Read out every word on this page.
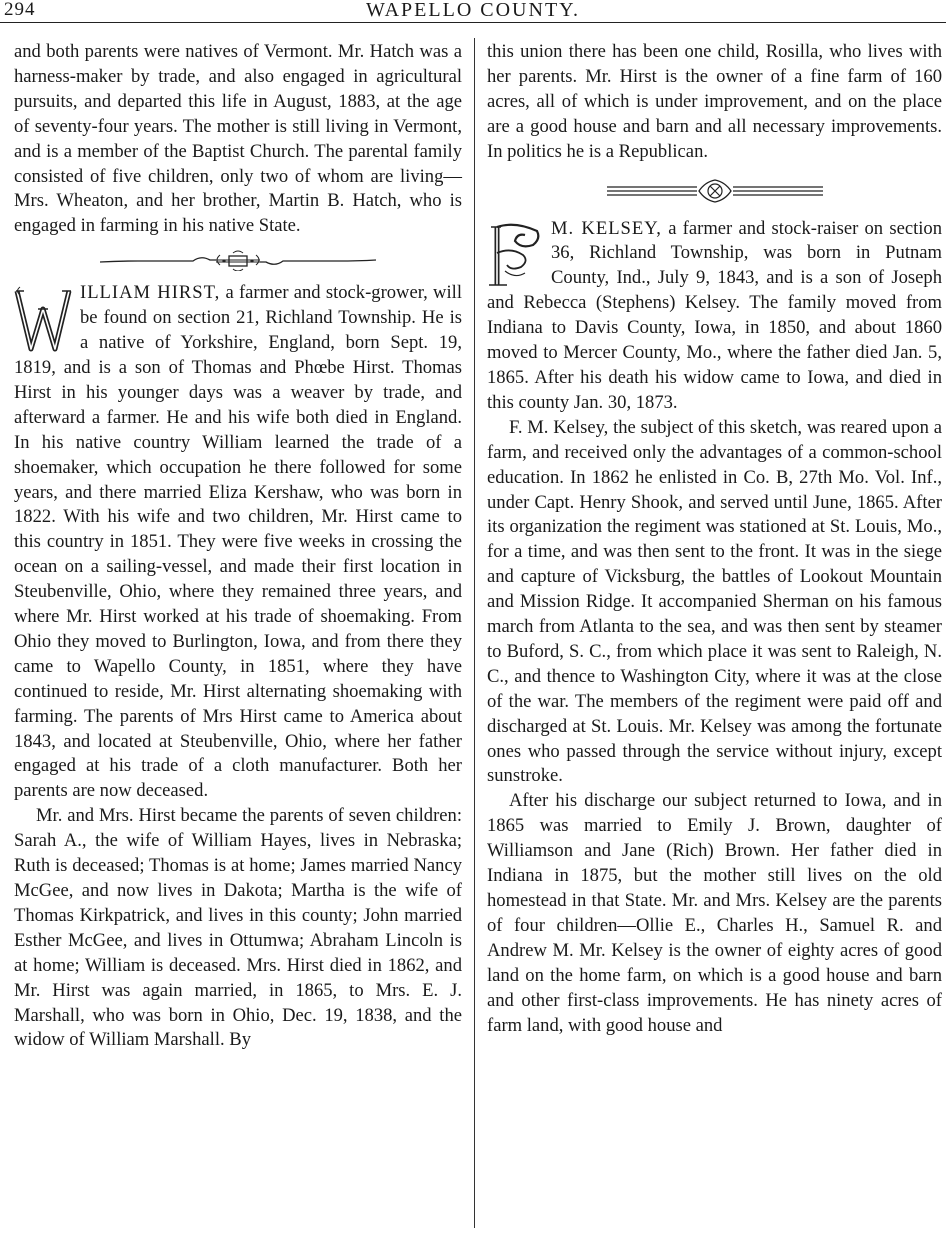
294	WAPELLO COUNTY.

and both parents were natives of Vermont. Mr. Hatch was a harness-maker by trade, and also engaged in agricultural pursuits, and departed this life in August, 1883, at the age of seventy-four years. The mother is still living in Vermont, and is a member of the Baptist Church. The parental family consisted of five children, only two of whom are living—Mrs. Wheaton, and her brother, Martin B. Hatch, who is engaged in farming in his native State.

ILLIAM HIRST, a farmer and stock-grower, will be found on section 21, Richland Township. He is a native of Yorkshire, England, born Sept. 19, 1819, and is a son of Thomas and Phœbe Hirst. Thomas Hirst in his younger days was a weaver by trade, and afterward a farmer. He and his wife both died in England. In his native country William learned the trade of a shoemaker, which occupation he there followed for some years, and there married Eliza Kershaw, who was born in 1822. With his wife and two children, Mr. Hirst came to this country in 1851. They were five weeks in crossing the ocean on a sailing-vessel, and made their first location in Steubenville, Ohio, where they remained three years, and where Mr. Hirst worked at his trade of shoemaking. From Ohio they moved to Burlington, Iowa, and from there they came to Wapello County, in 1851, where they have continued to reside, Mr. Hirst alternating shoemaking with farming. The parents of Mrs Hirst came to America about 1843, and located at Steubenville, Ohio, where her father engaged at his trade of a cloth manufacturer. Both her parents are now deceased.

Mr. and Mrs. Hirst became the parents of seven children: Sarah A., the wife of William Hayes, lives in Nebraska; Ruth is deceased; Thomas is at home; James married Nancy McGee, and now lives in Dakota; Martha is the wife of Thomas Kirkpatrick, and lives in this county; John married Esther McGee, and lives in Ottumwa; Abraham Lincoln is at home; William is deceased. Mrs. Hirst died in 1862, and Mr. Hirst was again married, in 1865, to Mrs. E. J. Marshall, who was born in Ohio, Dec. 19, 1838, and the widow of William Marshall. By

this union there has been one child, Rosilla, who lives with her parents. Mr. Hirst is the owner of a fine farm of 160 acres, all of which is under improvement, and on the place are a good house and barn and all necessary improvements. In politics he is a Republican.

M. KELSEY, a farmer and stock-raiser on section 36, Richland Township, was born in Putnam County, Ind., July 9, 1843, and is a son of Joseph and Rebecca (Stephens) Kelsey. The family moved from Indiana to Davis County, Iowa, in 1850, and about 1860 moved to Mercer County, Mo., where the father died Jan. 5, 1865. After his death his widow came to Iowa, and died in this county Jan. 30, 1873.

F. M. Kelsey, the subject of this sketch, was reared upon a farm, and received only the advantages of a common-school education. In 1862 he enlisted in Co. B, 27th Mo. Vol. Inf., under Capt. Henry Shook, and served until June, 1865. After its organization the regiment was stationed at St. Louis, Mo., for a time, and was then sent to the front. It was in the siege and capture of Vicksburg, the battles of Lookout Mountain and Mission Ridge. It accompanied Sherman on his famous march from Atlanta to the sea, and was then sent by steamer to Buford, S. C., from which place it was sent to Raleigh, N. C., and thence to Washington City, where it was at the close of the war. The members of the regiment were paid off and discharged at St. Louis. Mr. Kelsey was among the fortunate ones who passed through the service without injury, except sunstroke.

After his discharge our subject returned to Iowa, and in 1865 was married to Emily J. Brown, daughter of Williamson and Jane (Rich) Brown. Her father died in Indiana in 1875, but the mother still lives on the old homestead in that State. Mr. and Mrs. Kelsey are the parents of four children—Ollie E., Charles H., Samuel R. and Andrew M. Mr. Kelsey is the owner of eighty acres of good land on the home farm, on which is a good house and barn and other first-class improvements. He has ninety acres of farm land, with good house and
